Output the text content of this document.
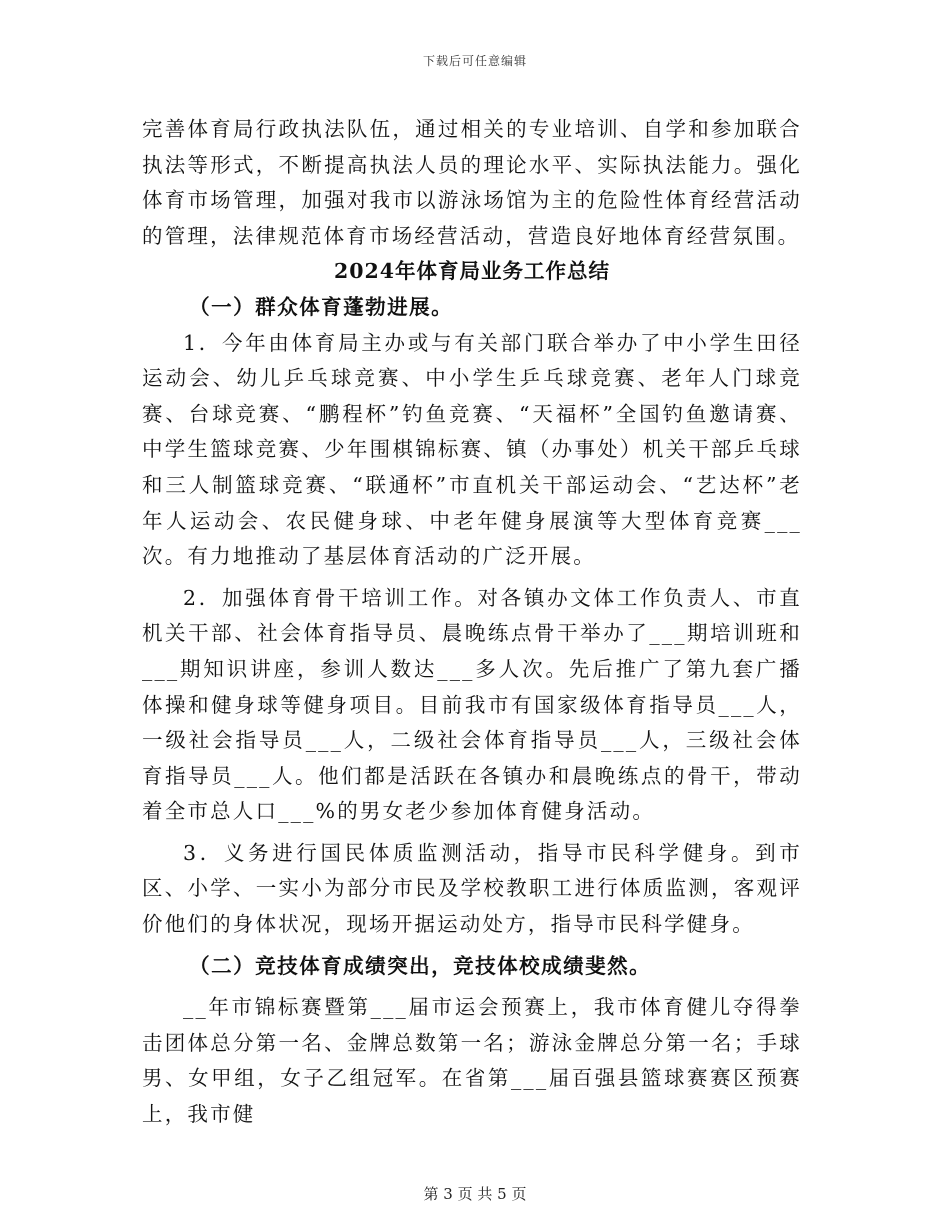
下载后可任意编辑

完善体育局行政执法队伍，通过相关的专业培训、自学和参加联合执法等形式，不断提高执法人员的理论水平、实际执法能力。强化体育市场管理，加强对我市以游泳场馆为主的危险性体育经营活动的管理，法律规范体育市场经营活动，营造良好地体育经营氛围。

2024年体育局业务工作总结

（一）群众体育蓬勃进展。

1．今年由体育局主办或与有关部门联合举办了中小学生田径运动会、幼儿乒乓球竞赛、中小学生乒乓球竞赛、老年人门球竞赛、台球竞赛、“鹏程杯”钓鱼竞赛、“天福杯”全国钓鱼邀请赛、中学生篮球竞赛、少年围棋锦标赛、镇（办事处）机关干部乒乓球和三人制篮球竞赛、“联通杯”市直机关干部运动会、“艺达杯”老年人运动会、农民健身球、中老年健身展演等大型体育竞赛___次。有力地推动了基层体育活动的广泛开展。

2．加强体育骨干培训工作。对各镇办文体工作负责人、市直机关干部、社会体育指导员、晨晚练点骨干举办了___期培训班和___期知识讲座，参训人数达___多人次。先后推广了第九套广播体操和健身球等健身项目。目前我市有国家级体育指导员___人，一级社会指导员___人，二级社会体育指导员___人，三级社会体育指导员___人。他们都是活跃在各镇办和晨晚练点的骨干，带动着全市总人口___%的男女老少参加体育健身活动。

3．义务进行国民体质监测活动，指导市民科学健身。到市区、小学、一实小为部分市民及学校教职工进行体质监测，客观评价他们的身体状况，现场开据运动处方，指导市民科学健身。

（二）竞技体育成绩突出，竞技体校成绩斐然。

__年市锦标赛暨第___届市运会预赛上，我市体育健儿夺得拳击团体总分第一名、金牌总数第一名；游泳金牌总分第一名；手球男、女甲组，女子乙组冠军。在省第___届百强县篮球赛赛区预赛上，我市健

第 3 页 共 5 页
